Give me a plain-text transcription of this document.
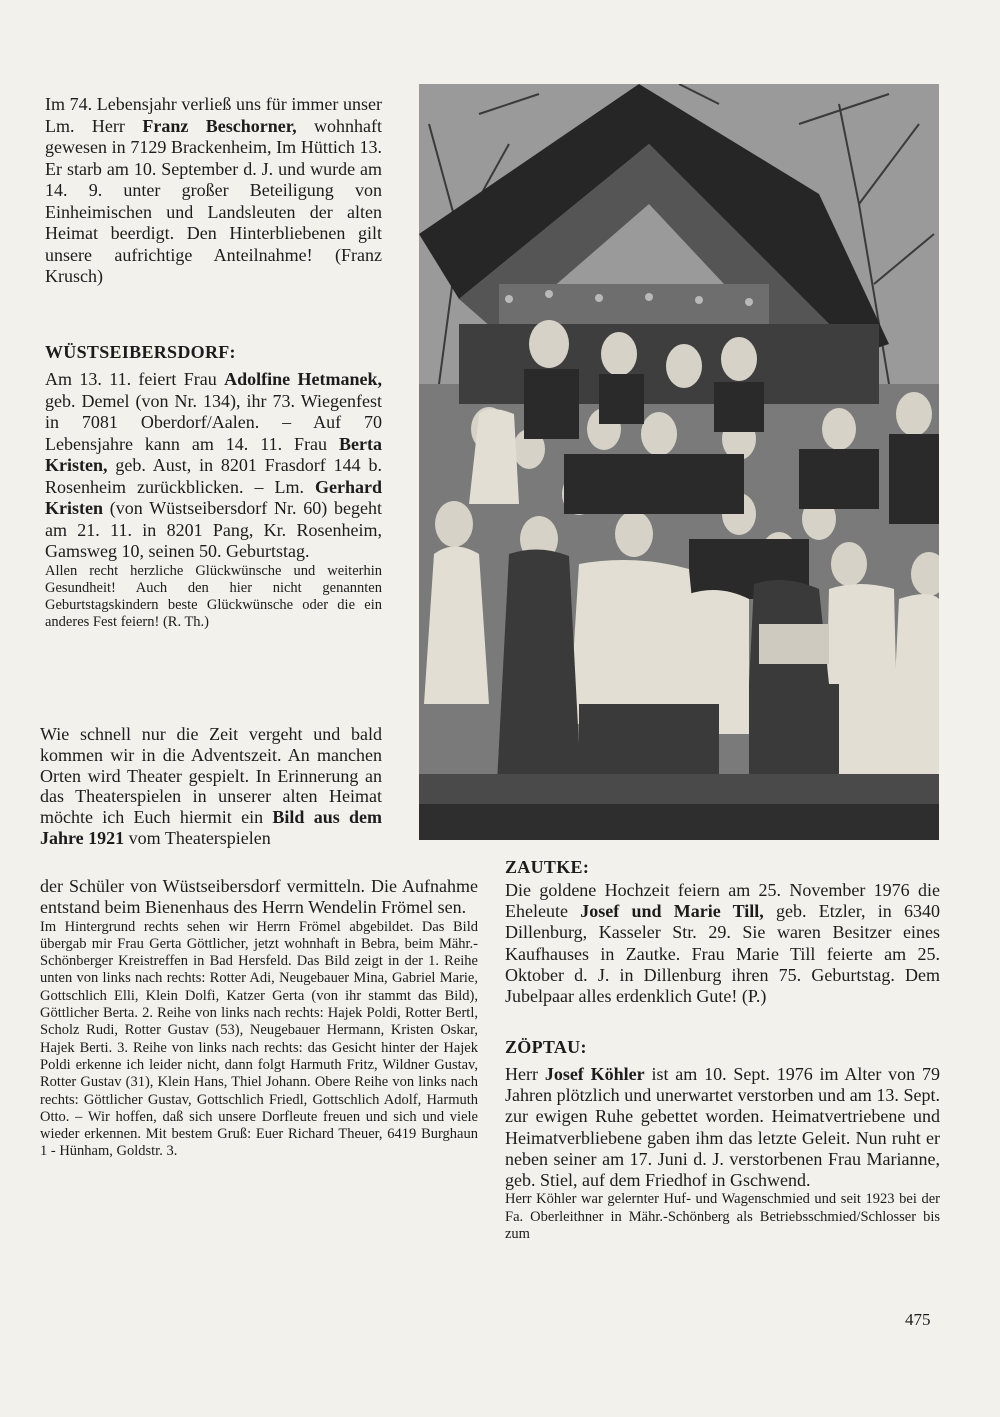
Im 74. Lebensjahr verließ uns für immer unser Lm. Herr Franz Beschorner, wohnhaft gewesen in 7129 Brackenheim, Im Hüttich 13. Er starb am 10. September d. J. und wurde am 14. 9. unter großer Beteiligung von Einheimischen und Landsleuten der alten Heimat beerdigt. Den Hinterbliebenen gilt unsere aufrichtige Anteilnahme! (Franz Krusch)

WÜSTSEIBERSDORF:

Am 13. 11. feiert Frau Adolfine Hetmanek, geb. Demel (von Nr. 134), ihr 73. Wiegenfest in 7081 Oberdorf/Aalen. – Auf 70 Lebensjahre kann am 14. 11. Frau Berta Kristen, geb. Aust, in 8201 Frasdorf 144 b. Rosenheim zurückblicken. – Lm. Gerhard Kristen (von Wüstseibersdorf Nr. 60) begeht am 21. 11. in 8201 Pang, Kr. Rosenheim, Gamsweg 10, seinen 50. Geburtstag.

Allen recht herzliche Glückwünsche und weiterhin Gesundheit! Auch den hier nicht genannten Geburtstagskindern beste Glückwünsche oder die ein anderes Fest feiern! (R. Th.)

Wie schnell nur die Zeit vergeht und bald kommen wir in die Adventszeit. An manchen Orten wird Theater gespielt. In Erinnerung an das Theaterspielen in unserer alten Heimat möchte ich Euch hiermit ein Bild aus dem Jahre 1921 vom Theaterspielen

der Schüler von Wüstseibersdorf vermitteln. Die Aufnahme entstand beim Bienenhaus des Herrn Wendelin Frömel sen.

Im Hintergrund rechts sehen wir Herrn Frömel abgebildet. Das Bild übergab mir Frau Gerta Göttlicher, jetzt wohnhaft in Bebra, beim Mähr.-Schönberger Kreistreffen in Bad Hersfeld. Das Bild zeigt in der 1. Reihe unten von links nach rechts: Rotter Adi, Neugebauer Mina, Gabriel Marie, Gottschlich Elli, Klein Dolfi, Katzer Gerta (von ihr stammt das Bild), Göttlicher Berta. 2. Reihe von links nach rechts: Hajek Poldi, Rotter Bertl, Scholz Rudi, Rotter Gustav (53), Neugebauer Hermann, Kristen Oskar, Hajek Berti. 3. Reihe von links nach rechts: das Gesicht hinter der Hajek Poldi erkenne ich leider nicht, dann folgt Harmuth Fritz, Wildner Gustav, Rotter Gustav (31), Klein Hans, Thiel Johann. Obere Reihe von links nach rechts: Göttlicher Gustav, Gottschlich Friedl, Gottschlich Adolf, Harmuth Otto. – Wir hoffen, daß sich unsere Dorfleute freuen und sich und viele wieder erkennen. Mit bestem Gruß: Euer Richard Theuer, 6419 Burghaun 1 - Hünham, Goldstr. 3.

ZAUTKE:

Die goldene Hochzeit feiern am 25. November 1976 die Eheleute Josef und Marie Till, geb. Etzler, in 6340 Dillenburg, Kasseler Str. 29. Sie waren Besitzer eines Kaufhauses in Zautke. Frau Marie Till feierte am 25. Oktober d. J. in Dillenburg ihren 75. Geburtstag. Dem Jubelpaar alles erdenklich Gute! (P.)

ZÖPTAU:

Herr Josef Köhler ist am 10. Sept. 1976 im Alter von 79 Jahren plötzlich und unerwartet verstorben und am 13. Sept. zur ewigen Ruhe gebettet worden. Heimatvertriebene und Heimatverbliebene gaben ihm das letzte Geleit. Nun ruht er neben seiner am 17. Juni d. J. verstorbenen Frau Marianne, geb. Stiel, auf dem Friedhof in Gschwend.

Herr Köhler war gelernter Huf- und Wagenschmied und seit 1923 bei der Fa. Oberleithner in Mähr.-Schönberg als Betriebsschmied/Schlosser bis zum

475
